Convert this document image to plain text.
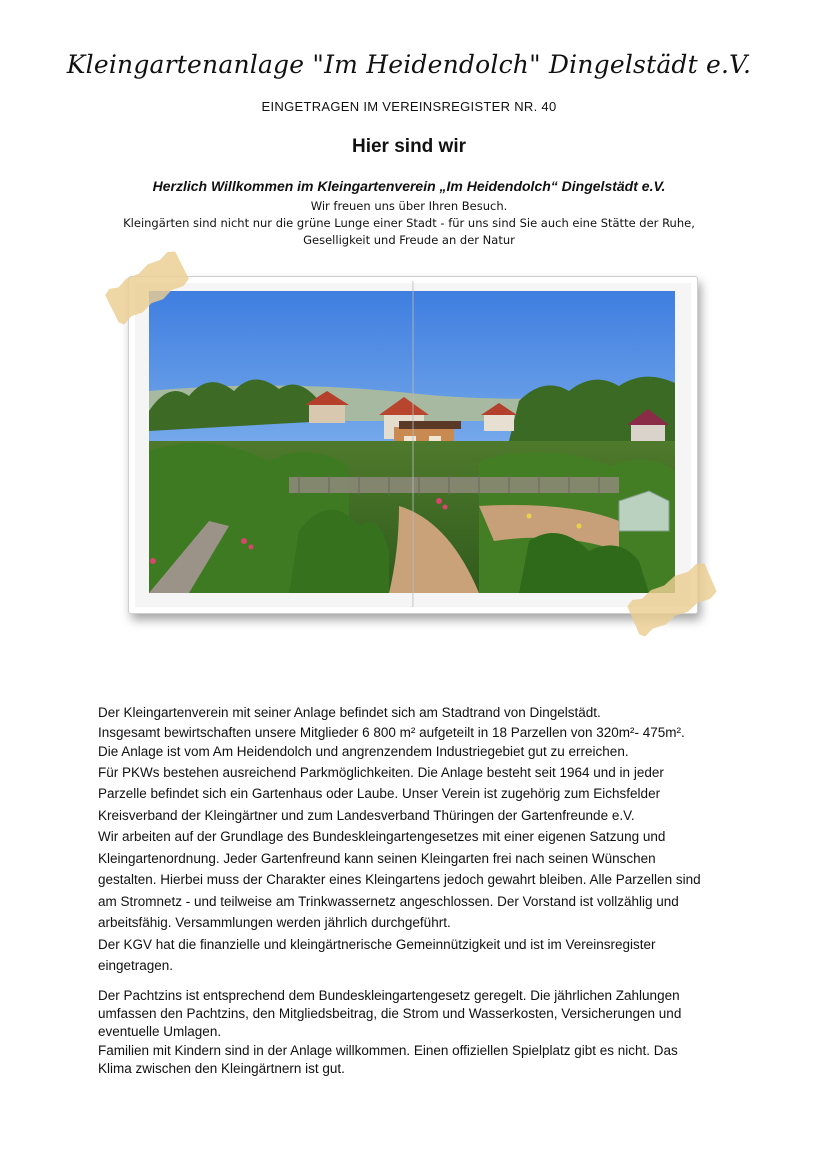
Kleingartenanlage "Im Heidendolch" Dingelstädt e.V.
EINGETRAGEN IM VEREINSREGISTER NR. 40
Hier sind wir
Herzlich Willkommen im Kleingartenverein „Im Heidendolch“ Dingelstädt e.V.
Wir freuen uns über Ihren Besuch.
Kleingärten sind nicht nur die grüne Lunge einer Stadt - für uns sind Sie auch eine Stätte der Ruhe,
Geselligkeit und Freude an der Natur
Der Kleingartenverein mit seiner Anlage befindet sich am Stadtrand von Dingelstädt.
Insgesamt bewirtschaften unsere Mitglieder 6 800 m² aufgeteilt in 18 Parzellen von 320m²- 475m².
Die Anlage ist vom Am Heidendolch und angrenzendem Industriegebiet gut zu erreichen.
Für PKWs bestehen ausreichend Parkmöglichkeiten. Die Anlage besteht seit 1964 und in jeder
Parzelle befindet sich ein Gartenhaus oder Laube. Unser Verein ist zugehörig zum Eichsfelder
Kreisverband der Kleingärtner und zum Landesverband Thüringen der Gartenfreunde e.V.
Wir arbeiten auf der Grundlage des Bundeskleingartengesetzes mit einer eigenen Satzung und
Kleingartenordnung. Jeder Gartenfreund kann seinen Kleingarten frei nach seinen Wünschen
gestalten. Hierbei muss der Charakter eines Kleingartens jedoch gewahrt bleiben. Alle Parzellen sind
am Stromnetz - und teilweise am Trinkwassernetz angeschlossen. Der Vorstand ist vollzählig und
arbeitsfähig. Versammlungen werden jährlich durchgeführt.
Der KGV hat die finanzielle und kleingärtnerische Gemeinnützigkeit und ist im Vereinsregister
eingetragen.
Der Pachtzins ist entsprechend dem Bundeskleingartengesetz geregelt. Die jährlichen Zahlungen
umfassen den Pachtzins, den Mitgliedsbeitrag, die Strom und Wasserkosten, Versicherungen und
eventuelle Umlagen.
Familien mit Kindern sind in der Anlage willkommen. Einen offiziellen Spielplatz gibt es nicht. Das
Klima zwischen den Kleingärtnern ist gut.
